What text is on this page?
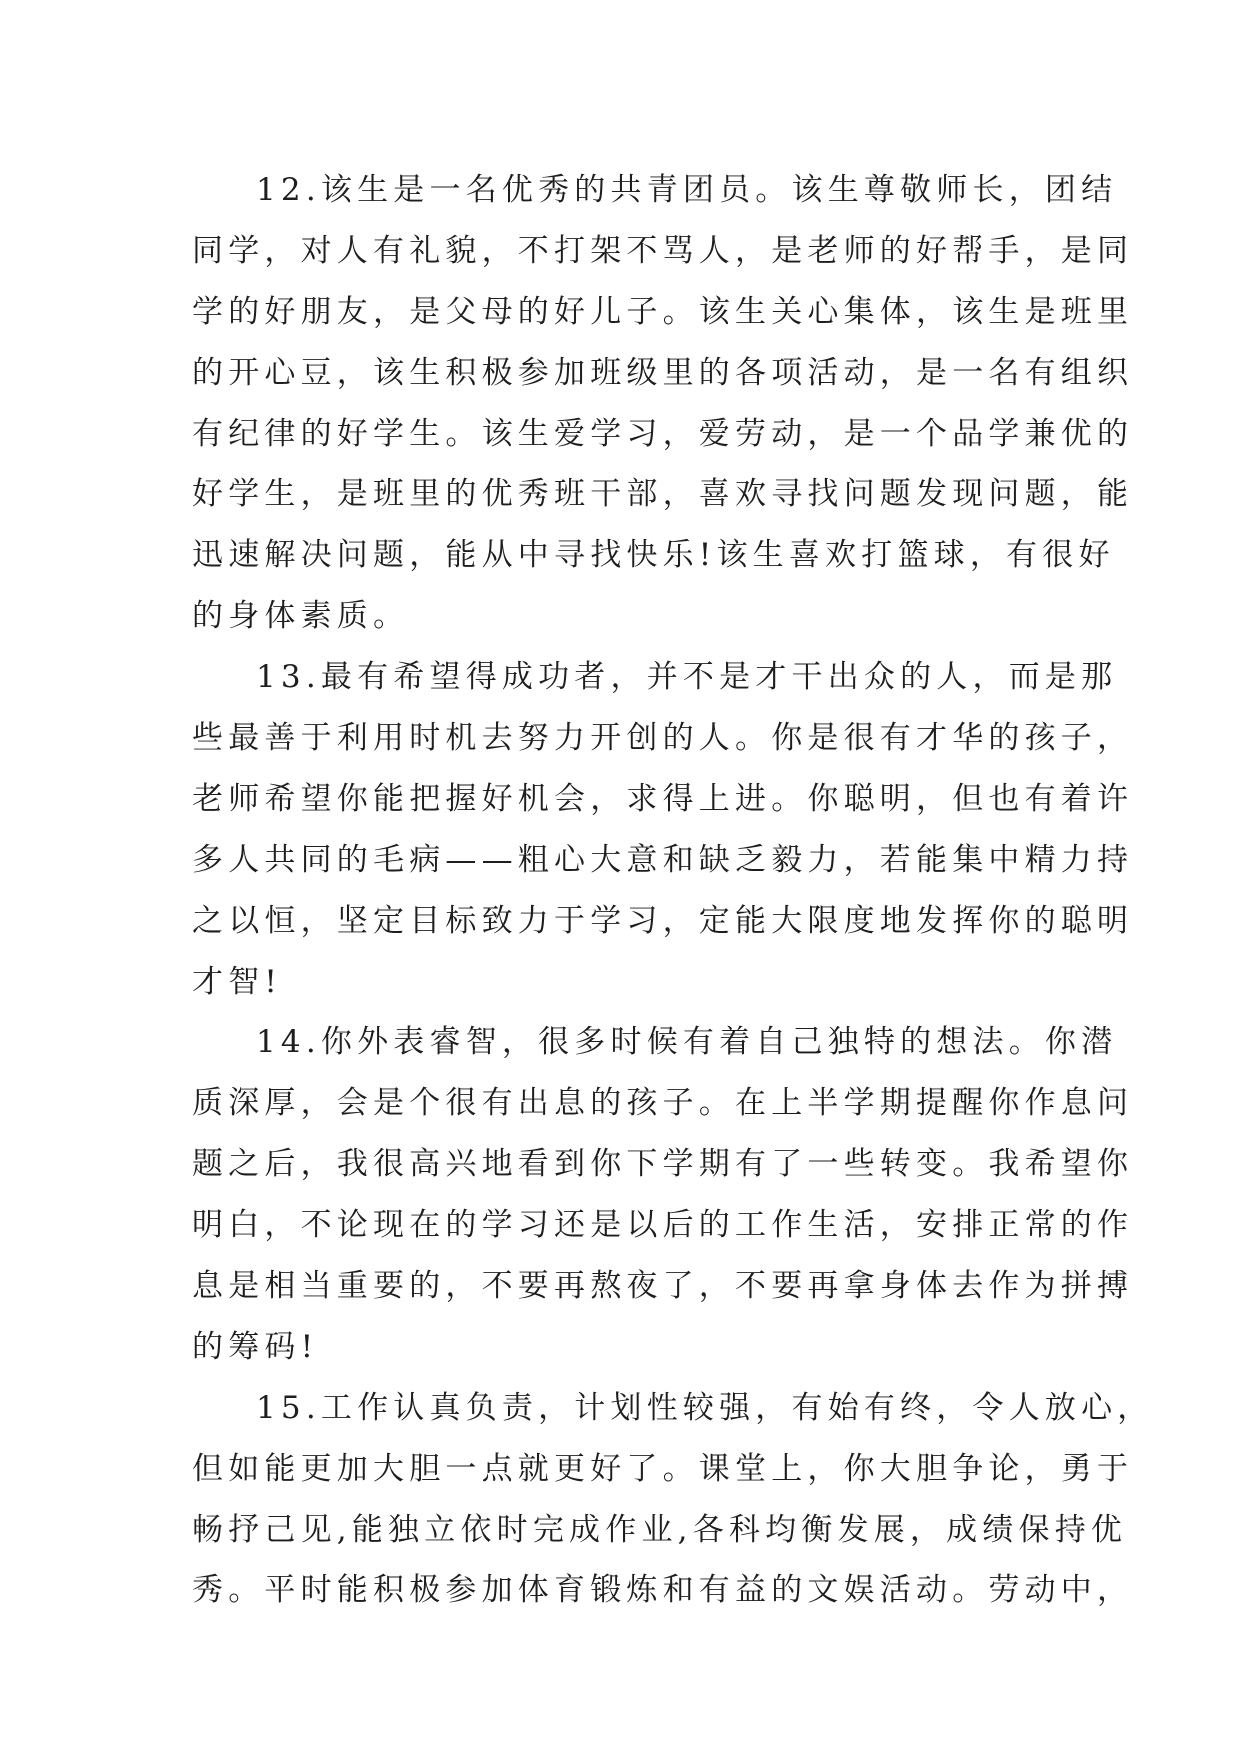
12.该生是一名优秀的共青团员。该生尊敬师长，团结
同学，对人有礼貌，不打架不骂人，是老师的好帮手，是同
学的好朋友，是父母的好儿子。该生关心集体，该生是班里
的开心豆，该生积极参加班级里的各项活动，是一名有组织
有纪律的好学生。该生爱学习，爱劳动，是一个品学兼优的
好学生，是班里的优秀班干部，喜欢寻找问题发现问题，能
迅速解决问题，能从中寻找快乐!该生喜欢打篮球，有很好
的身体素质。
13.最有希望得成功者，并不是才干出众的人，而是那
些最善于利用时机去努力开创的人。你是很有才华的孩子，
老师希望你能把握好机会，求得上进。你聪明，但也有着许
多人共同的毛病——粗心大意和缺乏毅力，若能集中精力持
之以恒，坚定目标致力于学习，定能大限度地发挥你的聪明
才智!
14.你外表睿智，很多时候有着自己独特的想法。你潜
质深厚，会是个很有出息的孩子。在上半学期提醒你作息问
题之后，我很高兴地看到你下学期有了一些转变。我希望你
明白，不论现在的学习还是以后的工作生活，安排正常的作
息是相当重要的，不要再熬夜了，不要再拿身体去作为拼搏
的筹码!
15.工作认真负责，计划性较强，有始有终，令人放心，
但如能更加大胆一点就更好了。课堂上，你大胆争论，勇于
畅抒己见,能独立依时完成作业,各科均衡发展，成绩保持优
秀。平时能积极参加体育锻炼和有益的文娱活动。劳动中，
